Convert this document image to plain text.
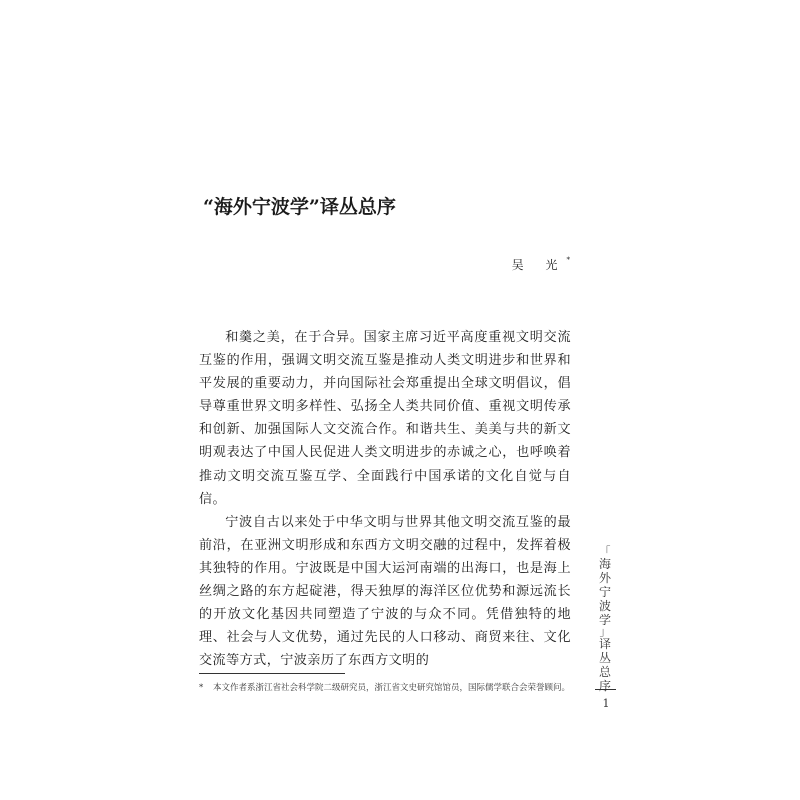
“海外宁波学”译丛总序
吴 光*

和羹之美，在于合异。国家主席习近平高度重视文明交流互鉴的作用，强调文明交流互鉴是推动人类文明进步和世界和平发展的重要动力，并向国际社会郑重提出全球文明倡议，倡导尊重世界文明多样性、弘扬全人类共同价值、重视文明传承和创新、加强国际人文交流合作。和谐共生、美美与共的新文明观表达了中国人民促进人类文明进步的赤诚之心，也呼唤着推动文明交流互鉴互学、全面践行中国承诺的文化自觉与自信。

宁波自古以来处于中华文明与世界其他文明交流互鉴的最前沿，在亚洲文明形成和东西方文明交融的过程中，发挥着极其独特的作用。宁波既是中国大运河南端的出海口，也是海上丝绸之路的东方起碇港，得天独厚的海洋区位优势和源远流长的开放文化基因共同塑造了宁波的与众不同。凭借独特的地理、社会与人文优势，通过先民的人口移动、商贸来往、文化交流等方式，宁波亲历了东西方文明的

* 本文作者系浙江省社会科学院二级研究员，浙江省文史研究馆馆员，国际儒学联合会荣誉顾问。
「
海
外
宁
波
学
」
译
丛
总
序
1
